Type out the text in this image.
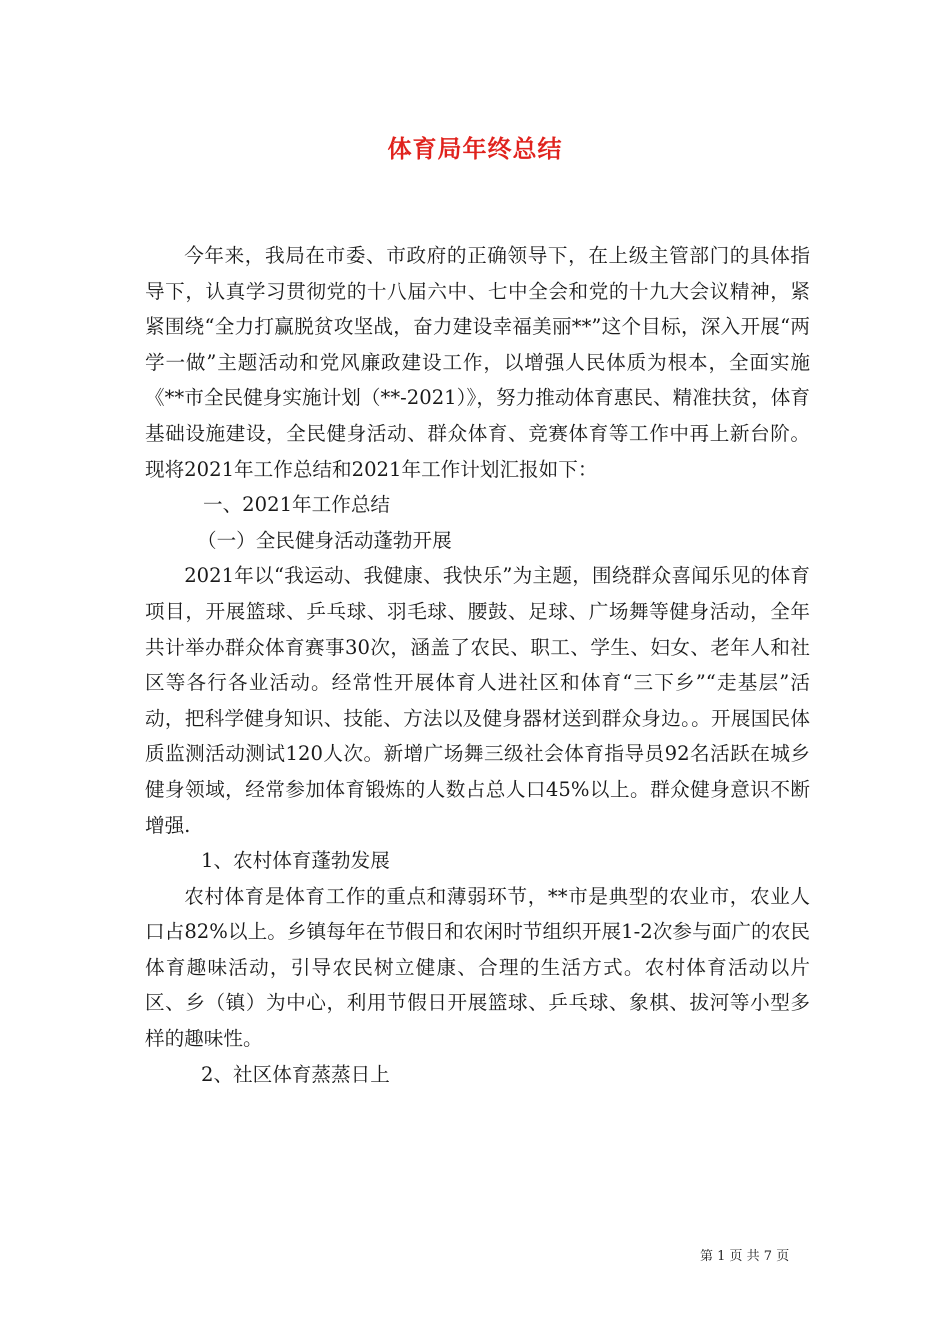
体育局年终总结

今年来，我局在市委、市政府的正确领导下，在上级主管部门的具体指导下，认真学习贯彻党的十八届六中、七中全会和党的十九大会议精神，紧紧围绕“全力打赢脱贫攻坚战，奋力建设幸福美丽**”这个目标，深入开展“两学一做”主题活动和党风廉政建设工作，以增强人民体质为根本，全面实施《**市全民健身实施计划（**-2021）》，努力推动体育惠民、精准扶贫，体育基础设施建设，全民健身活动、群众体育、竞赛体育等工作中再上新台阶。现将2021年工作总结和2021年工作计划汇报如下：

一、2021年工作总结

（一）全民健身活动蓬勃开展

2021年以“我运动、我健康、我快乐”为主题，围绕群众喜闻乐见的体育项目，开展篮球、乒乓球、羽毛球、腰鼓、足球、广场舞等健身活动，全年共计举办群众体育赛事30次，涵盖了农民、职工、学生、妇女、老年人和社区等各行各业活动。经常性开展体育人进社区和体育“三下乡”“走基层”活动，把科学健身知识、技能、方法以及健身器材送到群众身边。。开展国民体质监测活动测试120人次。新增广场舞三级社会体育指导员92名活跃在城乡健身领域，经常参加体育锻炼的人数占总人口45%以上。群众健身意识不断增强.

1、农村体育蓬勃发展

农村体育是体育工作的重点和薄弱环节，**市是典型的农业市，农业人口占82%以上。乡镇每年在节假日和农闲时节组织开展1-2次参与面广的农民体育趣味活动，引导农民树立健康、合理的生活方式。农村体育活动以片区、乡（镇）为中心，利用节假日开展篮球、乒乓球、象棋、拔河等小型多样的趣味性。

2、社区体育蒸蒸日上

第 1 页 共 7 页
